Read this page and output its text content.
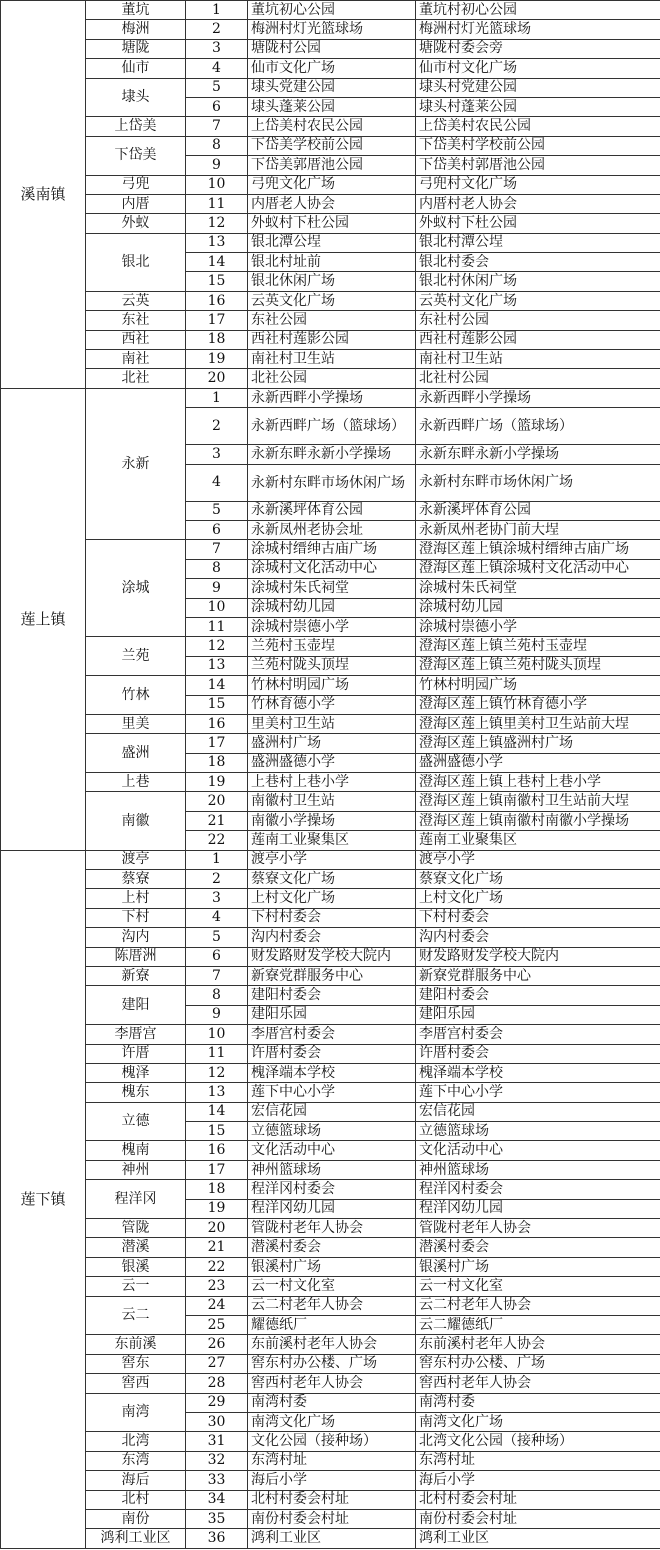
溪南镇	董坑	1	董坑初心公园	董坑村初心公园
	梅洲	2	梅洲村灯光篮球场	梅洲村灯光篮球场
	塘陇	3	塘陇村公园	塘陇村委会旁
	仙市	4	仙市文化广场	仙市村文化广场
	埭头	5	埭头党建公园	埭头村党建公园
		6	埭头蓬莱公园	埭头村蓬莱公园
	上岱美	7	上岱美村农民公园	上岱美村农民公园
	下岱美	8	下岱美学校前公园	下岱美村学校前公园
		9	下岱美郭厝池公园	下岱美村郭厝池公园
	弓兜	10	弓兜文化广场	弓兜村文化广场
	内厝	11	内厝老人协会	内厝村老人协会
	外蚁	12	外蚁村下杜公园	外蚁村下杜公园
	银北	13	银北潭公埕	银北村潭公埕
		14	银北村址前	银北村委会
		15	银北休闲广场	银北村休闲广场
	云英	16	云英文化广场	云英村文化广场
	东社	17	东社公园	东社村公园
	西社	18	西社村莲影公园	西社村莲影公园
	南社	19	南社村卫生站	南社村卫生站
	北社	20	北社公园	北社村公园
莲上镇	永新	1	永新西畔小学操场	永新西畔小学操场
		2	永新西畔广场（篮球场）	永新西畔广场（篮球场）
		3	永新东畔永新小学操场	永新东畔永新小学操场
		4	永新村东畔市场休闲广场	永新村东畔市场休闲广场
		5	永新溪坪体育公园	永新溪坪体育公园
		6	永新凤州老协会址	永新凤州老协门前大埕
	涂城	7	涂城村缙绅古庙广场	澄海区莲上镇涂城村缙绅古庙广场
		8	涂城村文化活动中心	澄海区莲上镇涂城村文化活动中心
		9	涂城村朱氏祠堂	涂城村朱氏祠堂
		10	涂城村幼儿园	涂城村幼儿园
		11	涂城村崇德小学	涂城村崇德小学
	兰苑	12	兰苑村玉壶埕	澄海区莲上镇兰苑村玉壶埕
		13	兰苑村陇头顶埕	澄海区莲上镇兰苑村陇头顶埕
	竹林	14	竹林村明园广场	竹林村明园广场
		15	竹林育德小学	澄海区莲上镇竹林育德小学
	里美	16	里美村卫生站	澄海区莲上镇里美村卫生站前大埕
	盛洲	17	盛洲村广场	澄海区莲上镇盛洲村广场
		18	盛洲盛德小学	盛洲盛德小学
	上巷	19	上巷村上巷小学	澄海区莲上镇上巷村上巷小学
	南徽	20	南徽村卫生站	澄海区莲上镇南徽村卫生站前大埕
		21	南徽小学操场	澄海区莲上镇南徽村南徽小学操场
		22	莲南工业聚集区	莲南工业聚集区
莲下镇	渡亭	1	渡亭小学	渡亭小学
	蔡寮	2	蔡寮文化广场	蔡寮文化广场
	上村	3	上村文化广场	上村文化广场
	下村	4	下村村委会	下村村委会
	沟内	5	沟内村委会	沟内村委会
	陈厝洲	6	财发路财发学校大院内	财发路财发学校大院内
	新寮	7	新寮党群服务中心	新寮党群服务中心
	建阳	8	建阳村委会	建阳村委会
		9	建阳乐园	建阳乐园
	李厝宫	10	李厝宫村委会	李厝宫村委会
	许厝	11	许厝村委会	许厝村委会
	槐泽	12	槐泽端本学校	槐泽端本学校
	槐东	13	莲下中心小学	莲下中心小学
	立德	14	宏信花园	宏信花园
		15	立德篮球场	立德篮球场
	槐南	16	文化活动中心	文化活动中心
	神州	17	神州篮球场	神州篮球场
	程洋冈	18	程洋冈村委会	程洋冈村委会
		19	程洋冈幼儿园	程洋冈幼儿园
	管陇	20	管陇村老年人协会	管陇村老年人协会
	潜溪	21	潜溪村委会	潜溪村委会
	银溪	22	银溪村广场	银溪村广场
	云一	23	云一村文化室	云一村文化室
	云二	24	云二村老年人协会	云二村老年人协会
		25	耀德纸厂	云二耀德纸厂
	东前溪	26	东前溪村老年人协会	东前溪村老年人协会
	窖东	27	窖东村办公楼、广场	窖东村办公楼、广场
	窖西	28	窖西村老年人协会	窖西村老年人协会
	南湾	29	南湾村委	南湾村委
		30	南湾文化广场	南湾文化广场
	北湾	31	文化公园（接种场）	北湾文化公园（接种场）
	东湾	32	东湾村址	东湾村址
	海后	33	海后小学	海后小学
	北村	34	北村村委会村址	北村村委会村址
	南份	35	南份村委会村址	南份村委会村址
	鸿利工业区	36	鸿利工业区	鸿利工业区
